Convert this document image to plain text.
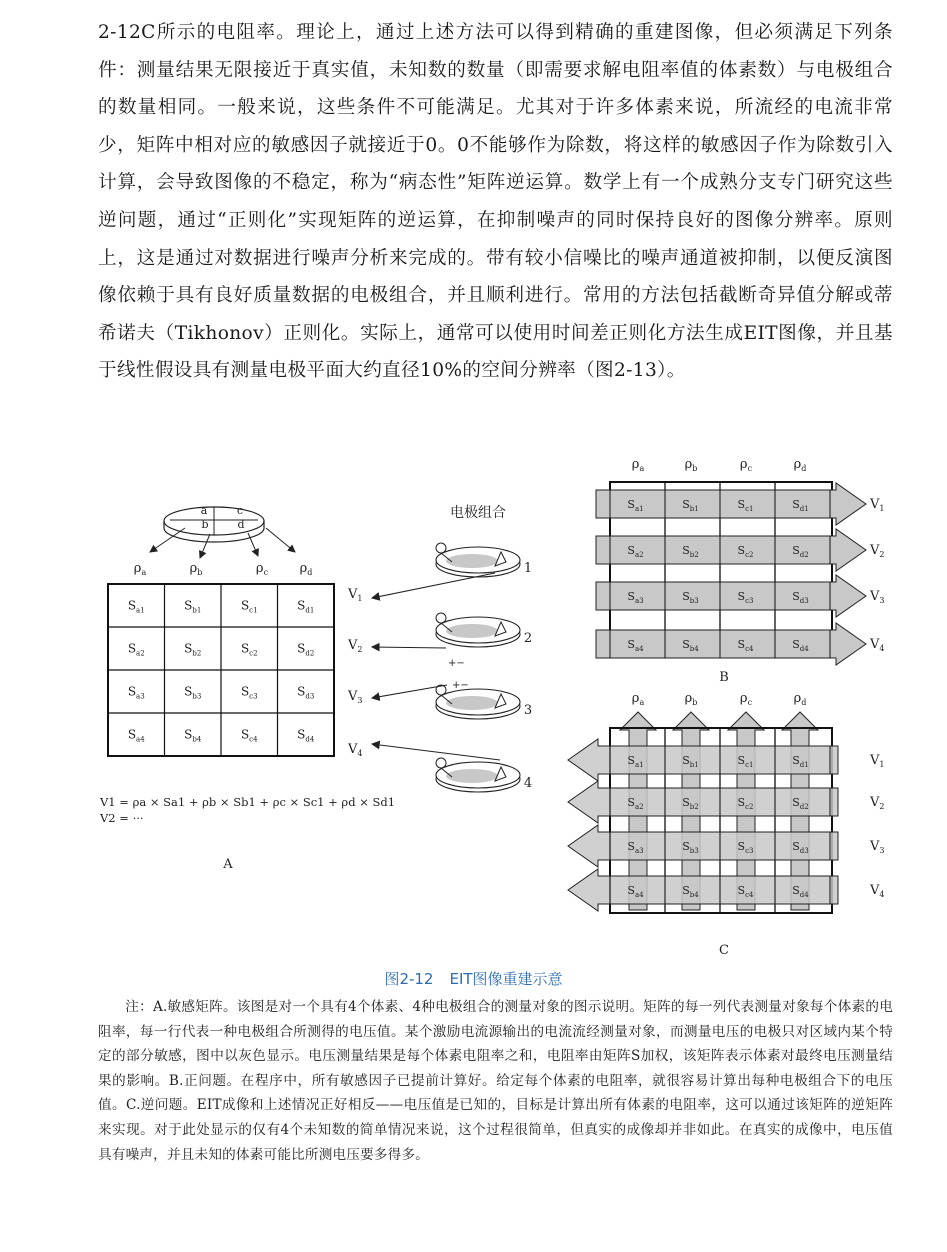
2-12C所示的电阻率。理论上，通过上述方法可以得到精确的重建图像，但必须满足下列条件：测量结果无限接近于真实值，未知数的数量（即需要求解电阻率值的体素数）与电极组合的数量相同。一般来说，这些条件不可能满足。尤其对于许多体素来说，所流经的电流非常少，矩阵中相对应的敏感因子就接近于0。0不能够作为除数，将这样的敏感因子作为除数引入计算，会导致图像的不稳定，称为“病态性”矩阵逆运算。数学上有一个成熟分支专门研究这些逆问题，通过“正则化”实现矩阵的逆运算，在抑制噪声的同时保持良好的图像分辨率。原则上，这是通过对数据进行噪声分析来完成的。带有较小信噪比的噪声通道被抑制，以便反演图像依赖于具有良好质量数据的电极组合，并且顺利进行。常用的方法包括截断奇异值分解或蒂希诺夫（Tikhonov）正则化。实际上，通常可以使用时间差正则化方法生成EIT图像，并且基于线性假设具有测量电极平面大约直径10%的空间分辨率（图2-13）。

a
b
c
d
$\rho_a$	$\rho_b$	$\rho_c$ $\rho_d$
$S_{a1}$	$S_{b1}$	$S_{c1}$	$S_{d1}$
$S_{a2}$	$S_{b2}$	$S_{c2}$	$S_{d2}$
$S_{a3}$	$S_{b3}$	$S_{c3}$	$S_{d3}$
$S_{a4}$	$S_{b4}$	$S_{c4}$	$S_{d4}$
$V_1$
$V_2$
$V_3$
$V_4$
电极组合
1
2
3
4
+−
+−
V1 = ρa × Sa1 + ρb × Sb1 + ρc × Sc1 + ρd × Sd1
V2 = ···
A
$\rho_a$	$\rho_b$	$\rho_c$	$\rho_d$
$S_{a1}$	$S_{b1}$	$S_{c1}$	$S_{d1}$	$V_1$
$S_{a2}$	$S_{b2}$	$S_{c2}$	$S_{d2}$	$V_2$
$S_{a3}$	$S_{b3}$	$S_{c3}$	$S_{d3}$	$V_3$
$S_{a4}$	$S_{b4}$	$S_{c4}$	$S_{d4}$	$V_4$
B
$\rho_a$	$\rho_b$	$\rho_c$	$\rho_d$
$S_{a1}$	$S_{b1}$	$S_{c1}$	$S_{d1}$	$V_1$
$S_{a2}$	$S_{b2}$	$S_{c2}$	$S_{d2}$	$V_2$
$S_{a3}$	$S_{b3}$	$S_{c3}$	$S_{d3}$	$V_3$
$S_{a4}$	$S_{b4}$	$S_{c4}$	$S_{d4}$	$V_4$
C
图2-12 EIT图像重建示意

注：A.敏感矩阵。该图是对一个具有4个体素、4种电极组合的测量对象的图示说明。矩阵的每一列代表测量对象每个体素的电阻率，每一行代表一种电极组合所测得的电压值。某个激励电流源输出的电流流经测量对象，而测量电压的电极只对区域内某个特定的部分敏感，图中以灰色显示。电压测量结果是每个体素电阻率之和，电阻率由矩阵S加权，该矩阵表示体素对最终电压测量结果的影响。B.正问题。在程序中，所有敏感因子已提前计算好。给定每个体素的电阻率，就很容易计算出每种电极组合下的电压值。C.逆问题。EIT成像和上述情况正好相反——电压值是已知的，目标是计算出所有体素的电阻率，这可以通过该矩阵的逆矩阵来实现。对于此处显示的仅有4个未知数的简单情况来说，这个过程很简单，但真实的成像却并非如此。在真实的成像中，电压值具有噪声，并且未知的体素可能比所测电压要多得多。
